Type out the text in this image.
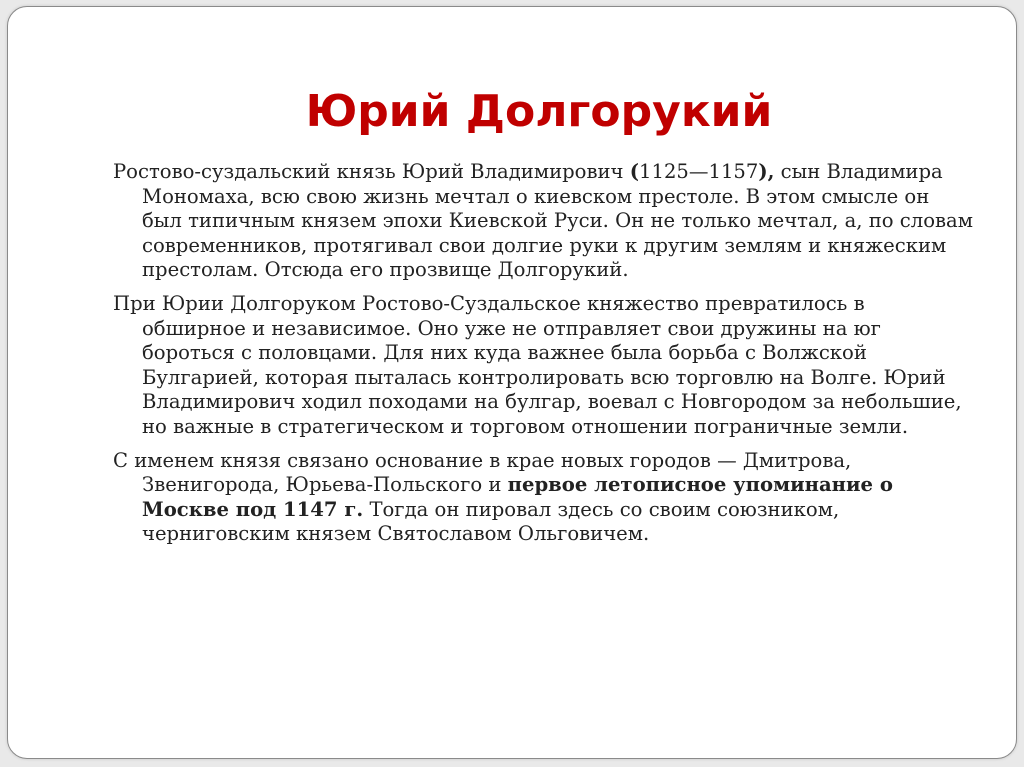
Юрий Долгорукий

Ростово-суздальский князь Юрий Владимирович (1125—1157), сын Владимира Мономаха, всю свою жизнь мечтал о киевском престоле. В этом смысле он был типичным князем эпохи Киевской Руси. Он не только мечтал, а, по словам современников, протягивал свои долгие руки к другим землям и княжеским престолам. Отсюда его прозвище Долгорукий.

При Юрии Долгоруком Ростово-Суздальское княжество превратилось в обширное и независимое. Оно уже не отправляет свои дружины на юг бороться с половцами. Для них куда важнее была борьба с Волжской Булгарией, которая пыталась контролировать всю торговлю на Волге. Юрий Владимирович ходил походами на булгар, воевал с Новгородом за небольшие, но важные в стратегическом и торговом отношении пограничные земли.

С именем князя связано основание в крае новых городов — Дмитрова, Звенигорода, Юрьева-Польского и первое летописное упоминание о Москве под 1147 г. Тогда он пировал здесь со своим союзником, черниговским князем Святославом Ольговичем.
